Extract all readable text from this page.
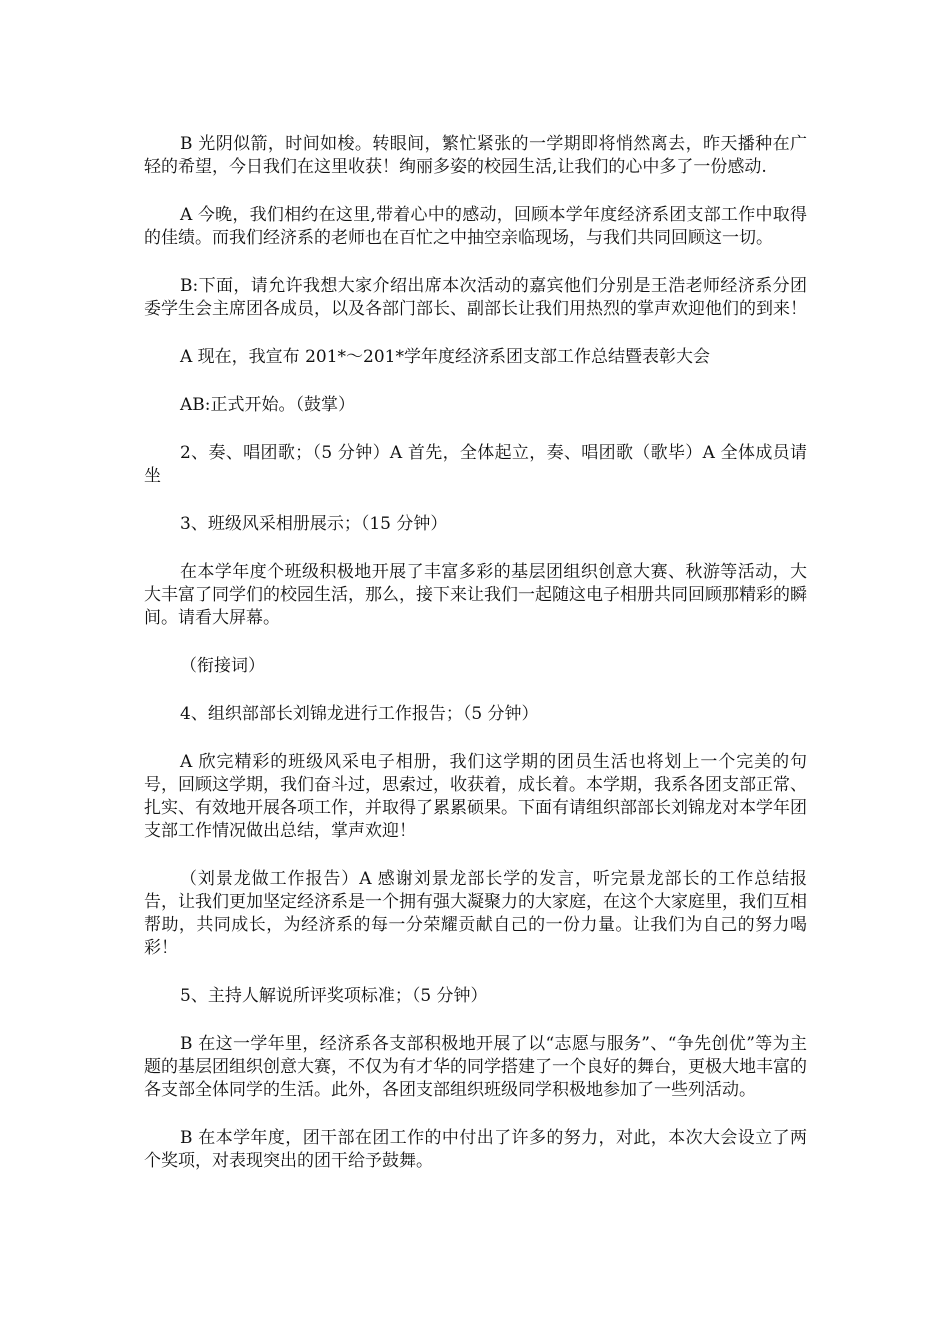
B 光阴似箭，时间如梭。转眼间，繁忙紧张的一学期即将悄然离去，昨天播种在广轻的希望，今日我们在这里收获！绚丽多姿的校园生活,让我们的心中多了一份感动.

A 今晚，我们相约在这里,带着心中的感动，回顾本学年度经济系团支部工作中取得的佳绩。而我们经济系的老师也在百忙之中抽空亲临现场，与我们共同回顾这一切。

B:下面，请允许我想大家介绍出席本次活动的嘉宾他们分别是王浩老师经济系分团委学生会主席团各成员，以及各部门部长、副部长让我们用热烈的掌声欢迎他们的到来！

A 现在，我宣布 201*～201*学年度经济系团支部工作总结暨表彰大会

AB:正式开始。（鼓掌）

2、奏、唱团歌；（5 分钟）A 首先，全体起立，奏、唱团歌（歌毕）A 全体成员请坐

3、班级风采相册展示；（15 分钟）

在本学年度个班级积极地开展了丰富多彩的基层团组织创意大赛、秋游等活动，大大丰富了同学们的校园生活，那么，接下来让我们一起随这电子相册共同回顾那精彩的瞬间。请看大屏幕。

（衔接词）

4、组织部部长刘锦龙进行工作报告；（5 分钟）

A 欣完精彩的班级风采电子相册，我们这学期的团员生活也将划上一个完美的句号，回顾这学期，我们奋斗过，思索过，收获着，成长着。本学期，我系各团支部正常、扎实、有效地开展各项工作，并取得了累累硕果。下面有请组织部部长刘锦龙对本学年团支部工作情况做出总结，掌声欢迎！

（刘景龙做工作报告）A 感谢刘景龙部长学的发言，听完景龙部长的工作总结报告，让我们更加坚定经济系是一个拥有强大凝聚力的大家庭，在这个大家庭里，我们互相帮助，共同成长，为经济系的每一分荣耀贡献自己的一份力量。让我们为自己的努力喝彩！

5、主持人解说所评奖项标准；（5 分钟）

B 在这一学年里，经济系各支部积极地开展了以“志愿与服务”、“争先创优”等为主题的基层团组织创意大赛，不仅为有才华的同学搭建了一个良好的舞台，更极大地丰富的各支部全体同学的生活。此外，各团支部组织班级同学积极地参加了一些列活动。

B 在本学年度，团干部在团工作的中付出了许多的努力，对此，本次大会设立了两个奖项，对表现突出的团干给予鼓舞。
